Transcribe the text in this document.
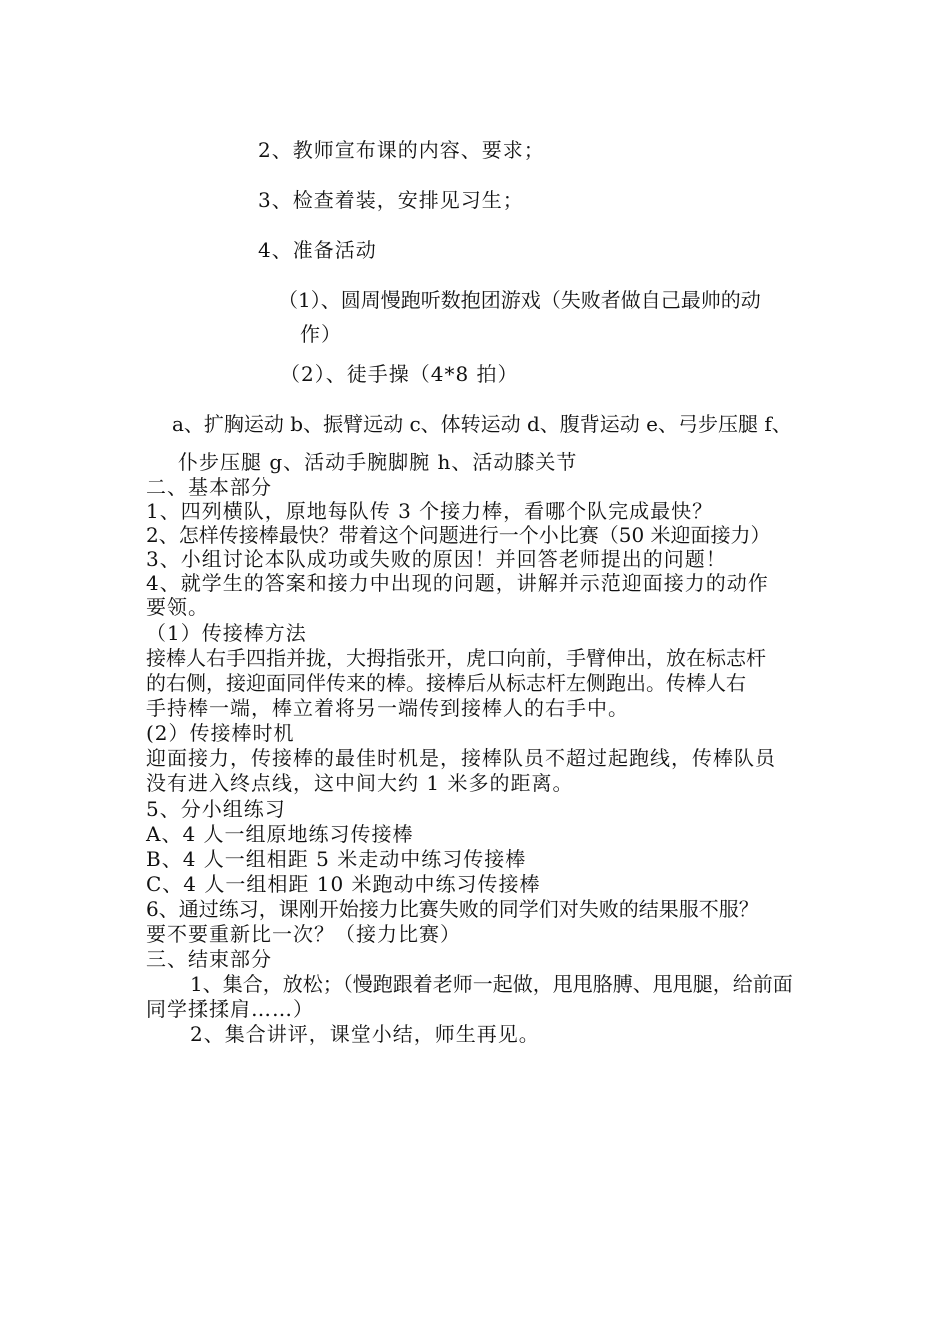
2、教师宣布课的内容、要求；
3、检查着装，安排见习生；
4、准备活动
（1）、圆周慢跑听数抱团游戏（失败者做自己最帅的动
作）
（2）、徒手操（4*8 拍）
a、扩胸运动 b、振臂远动 c、体转运动 d、腹背运动 e、弓步压腿 f、
仆步压腿 g、活动手腕脚腕 h、活动膝关节
二、基本部分
1、四列横队，原地每队传 3 个接力棒，看哪个队完成最快？
2、怎样传接棒最快？带着这个问题进行一个小比赛（50 米迎面接力）
3、小组讨论本队成功或失败的原因！并回答老师提出的问题！
4、就学生的答案和接力中出现的问题，讲解并示范迎面接力的动作
要领。
（1）传接棒方法
接棒人右手四指并拢，大拇指张开，虎口向前，手臂伸出，放在标志杆
的右侧，接迎面同伴传来的棒。接棒后从标志杆左侧跑出。传棒人右
手持棒一端，棒立着将另一端传到接棒人的右手中。
(2）传接棒时机
迎面接力，传接棒的最佳时机是，接棒队员不超过起跑线，传棒队员
没有进入终点线，这中间大约 1 米多的距离。
5、分小组练习
A、4 人一组原地练习传接棒
B、4 人一组相距 5 米走动中练习传接棒
C、4 人一组相距 10 米跑动中练习传接棒
6、通过练习，课刚开始接力比赛失败的同学们对失败的结果服不服？
要不要重新比一次？（接力比赛）
三、结束部分
1、集合，放松；（慢跑跟着老师一起做，甩甩胳膊、甩甩腿，给前面
同学揉揉肩……）
2、集合讲评，课堂小结，师生再见。
